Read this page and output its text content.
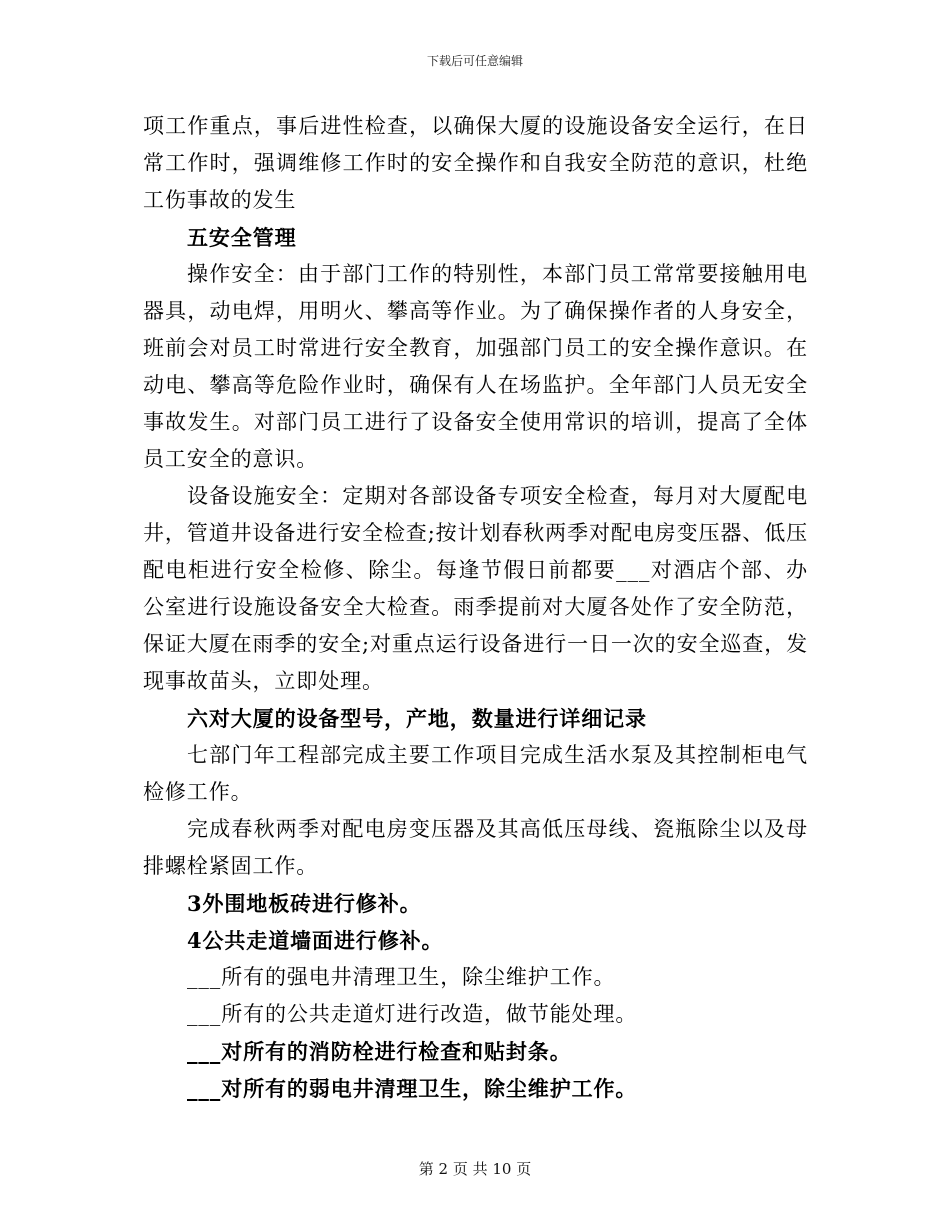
下载后可任意编辑

项工作重点，事后进性检查，以确保大厦的设施设备安全运行，在日常工作时，强调维修工作时的安全操作和自我安全防范的意识，杜绝工伤事故的发生

五安全管理

操作安全：由于部门工作的特别性，本部门员工常常要接触用电器具，动电焊，用明火、攀高等作业。为了确保操作者的人身安全，班前会对员工时常进行安全教育，加强部门员工的安全操作意识。在动电、攀高等危险作业时，确保有人在场监护。全年部门人员无安全事故发生。对部门员工进行了设备安全使用常识的培训，提高了全体员工安全的意识。

设备设施安全：定期对各部设备专项安全检查，每月对大厦配电井，管道井设备进行安全检查;按计划春秋两季对配电房变压器、低压配电柜进行安全检修、除尘。每逢节假日前都要___对酒店个部、办公室进行设施设备安全大检查。雨季提前对大厦各处作了安全防范，保证大厦在雨季的安全;对重点运行设备进行一日一次的安全巡查，发现事故苗头，立即处理。

六对大厦的设备型号，产地，数量进行详细记录

七部门年工程部完成主要工作项目完成生活水泵及其控制柜电气检修工作。

完成春秋两季对配电房变压器及其高低压母线、瓷瓶除尘以及母排螺栓紧固工作。

3外围地板砖进行修补。

4公共走道墙面进行修补。

___所有的强电井清理卫生，除尘维护工作。

___所有的公共走道灯进行改造，做节能处理。

___对所有的消防栓进行检查和贴封条。

___对所有的弱电井清理卫生，除尘维护工作。

第 2 页 共 10 页
